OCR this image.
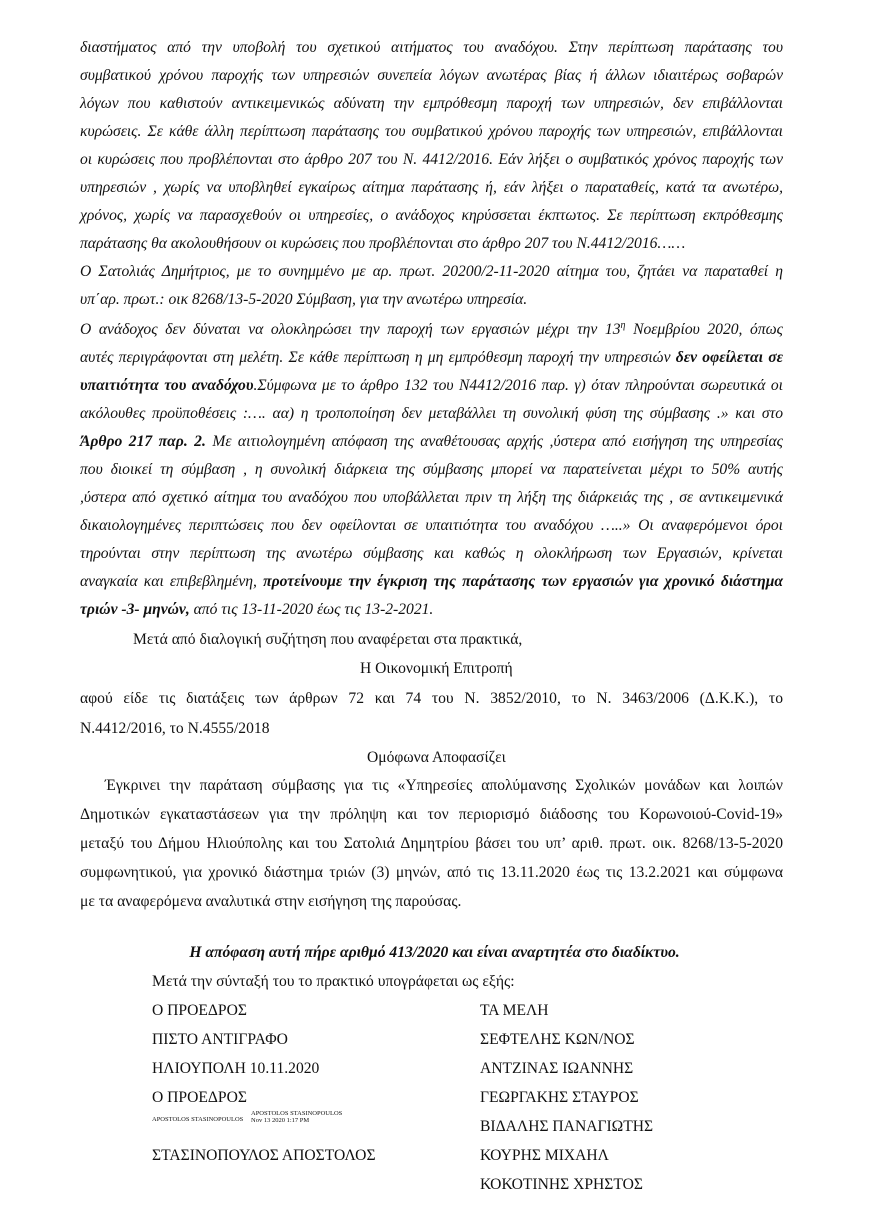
διαστήματος από την υποβολή του σχετικού αιτήματος του αναδόχου. Στην περίπτωση παράτασης του
συμβατικού χρόνου παροχής των υπηρεσιών συνεπεία λόγων ανωτέρας βίας ή άλλων ιδιαιτέρως σοβαρών
λόγων που καθιστούν αντικειμενικώς αδύνατη την εμπρόθεσμη παροχή των υπηρεσιών, δεν επιβάλλονται
κυρώσεις. Σε κάθε άλλη περίπτωση παράτασης του συμβατικού χρόνου παροχής των υπηρεσιών, επιβάλλονται
οι κυρώσεις που προβλέπονται στο άρθρο 207 του Ν. 4412/2016. Εάν λήξει ο συμβατικός χρόνος παροχής των
υπηρεσιών , χωρίς να υποβληθεί εγκαίρως αίτημα παράτασης ή, εάν λήξει ο παραταθείς, κατά τα ανωτέρω,
χρόνος, χωρίς να παρασχεθούν οι υπηρεσίες, ο ανάδοχος κηρύσσεται έκπτωτος. Σε περίπτωση εκπρόθεσμης
παράτασης θα ακολουθήσουν οι κυρώσεις που προβλέπονται στο άρθρο 207 του Ν.4412/2016……
Ο Σατολιάς Δημήτριος, με το συνημμένο με αρ. πρωτ. 20200/2-11-2020 αίτημα του, ζητάει να παραταθεί η
υπ΄αρ. πρωτ.: οικ 8268/13-5-2020 Σύμβαση, για την ανωτέρω υπηρεσία.
Ο ανάδοχος δεν δύναται να ολοκληρώσει την παροχή των εργασιών μέχρι την $13^\eta$ Νοεμβρίου 2020, όπως
αυτές περιγράφονται στη μελέτη. Σε κάθε περίπτωση η μη εμπρόθεσμη παροχή την υπηρεσιών δεν οφείλεται σε
υπαιτιότητα του αναδόχου.Σύμφωνα με το άρθρο 132 του Ν4412/2016 παρ. γ) όταν πληρούνται σωρευτικά οι
ακόλουθες προϋποθέσεις :…. αα) η τροποποίηση δεν μεταβάλλει τη συνολική φύση της σύμβασης .» και στο
Άρθρο 217 παρ. 2. Με αιτιολογημένη απόφαση της αναθέτουσας αρχής ,ύστερα από εισήγηση της υπηρεσίας
που διοικεί τη σύμβαση , η συνολική διάρκεια της σύμβασης μπορεί να παρατείνεται μέχρι το 50% αυτής
,ύστερα από σχετικό αίτημα του αναδόχου που υποβάλλεται πριν τη λήξη της διάρκειάς της , σε αντικειμενικά
δικαιολογημένες περιπτώσεις που δεν οφείλονται σε υπαιτιότητα του αναδόχου …..» Οι αναφερόμενοι όροι
τηρούνται στην περίπτωση της ανωτέρω σύμβασης και καθώς η ολοκλήρωση των Εργασιών, κρίνεται
αναγκαία και επιβεβλημένη, προτείνουμε την έγκριση της παράτασης των εργασιών για χρονικό διάστημα
τριών -3- μηνών, από τις 13-11-2020 έως τις 13-2-2021.
Μετά από διαλογική συζήτηση που αναφέρεται στα πρακτικά,
Η Οικονομική Επιτροπή
αφού είδε τις διατάξεις των άρθρων 72 και 74 του Ν. 3852/2010, το Ν. 3463/2006 (Δ.Κ.Κ.), το
Ν.4412/2016, το Ν.4555/2018
Ομόφωνα Αποφασίζει
Έγκρινει την παράταση σύμβασης για τις «Υπηρεσίες απολύμανσης Σχολικών μονάδων και λοιπών
Δημοτικών εγκαταστάσεων για την πρόληψη και τον περιορισμό διάδοσης του Κορωνοιού-Covid-19»
μεταξύ του Δήμου Ηλιούπολης και του Σατολιά Δημητρίου βάσει του υπ’ αριθ. πρωτ. οικ. 8268/13-5-2020
συμφωνητικού, για χρονικό διάστημα τριών (3) μηνών, από τις 13.11.2020 έως τις 13.2.2021 και σύμφωνα
με τα αναφερόμενα αναλυτικά στην εισήγηση της παρούσας.
Η απόφαση αυτή πήρε αριθμό 413/2020 και είναι αναρτητέα στο διαδίκτυο.
Μετά την σύνταξή του το πρακτικό υπογράφεται ως εξής:
Ο ΠΡΟΕΔΡΟΣ
ΠΙΣΤΟ ΑΝΤΙΓΡΑΦΟ
ΗΛΙΟΥΠΟΛΗ 10.11.2020
Ο ΠΡΟΕΔΡΟΣ
APOSTOLOS STASINOPOULOS
APOSTOLOS STASINOPOULOS
Nov 13 2020 1:17 PM
ΣΤΑΣΙΝΟΠΟΥΛΟΣ ΑΠΟΣΤΟΛΟΣ
ΤΑ ΜΕΛΗ
ΣΕΦΤΕΛΗΣ ΚΩΝ/ΝΟΣ
ΑΝΤΖΙΝΑΣ ΙΩΑΝΝΗΣ
ΓΕΩΡΓΑΚΗΣ ΣΤΑΥΡΟΣ
ΒΙΔΑΛΗΣ ΠΑΝΑΓΙΩΤΗΣ
ΚΟΥΡΗΣ ΜΙΧΑΗΛ
ΚΟΚΟΤΙΝΗΣ ΧΡΗΣΤΟΣ
